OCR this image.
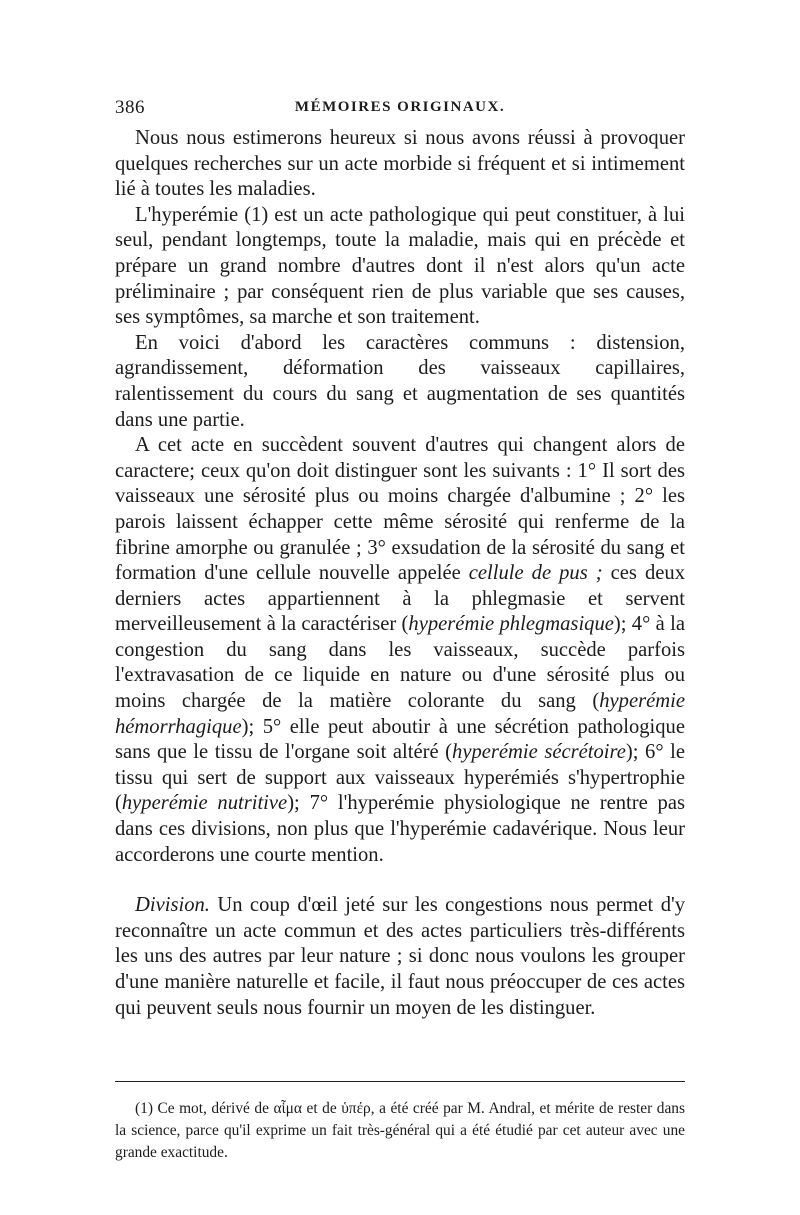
386	MÉMOIRES ORIGINAUX.

Nous nous estimerons heureux si nous avons réussi à provoquer quelques recherches sur un acte morbide si fréquent et si intimement lié à toutes les maladies.

L'hyperémie (1) est un acte pathologique qui peut constituer, à lui seul, pendant longtemps, toute la maladie, mais qui en précède et prépare un grand nombre d'autres dont il n'est alors qu'un acte préliminaire ; par conséquent rien de plus variable que ses causes, ses symptômes, sa marche et son traitement.

En voici d'abord les caractères communs : distension, agrandissement, déformation des vaisseaux capillaires, ralentissement du cours du sang et augmentation de ses quantités dans une partie.

A cet acte en succèdent souvent d'autres qui changent alors de caractere; ceux qu'on doit distinguer sont les suivants : 1° Il sort des vaisseaux une sérosité plus ou moins chargée d'albumine ; 2° les parois laissent échapper cette même sérosité qui renferme de la fibrine amorphe ou granulée ; 3° exsudation de la sérosité du sang et formation d'une cellule nouvelle appelée cellule de pus ; ces deux derniers actes appartiennent à la phlegmasie et servent merveilleusement à la caractériser (hyperémie phlegmasique); 4° à la congestion du sang dans les vaisseaux, succède parfois l'extravasation de ce liquide en nature ou d'une sérosité plus ou moins chargée de la matière colorante du sang (hyperémie hémorrhagique); 5° elle peut aboutir à une sécrétion pathologique sans que le tissu de l'organe soit altéré (hyperémie sécrétoire); 6° le tissu qui sert de support aux vaisseaux hyperémiés s'hypertrophie (hyperémie nutritive); 7° l'hyperémie physiologique ne rentre pas dans ces divisions, non plus que l'hyperémie cadavérique. Nous leur accorderons une courte mention.

Division. Un coup d'œil jeté sur les congestions nous permet d'y reconnaître un acte commun et des actes particuliers très-différents les uns des autres par leur nature ; si donc nous voulons les grouper d'une manière naturelle et facile, il faut nous préoccuper de ces actes qui peuvent seuls nous fournir un moyen de les distinguer.

(1) Ce mot, dérivé de αἷμα et de ὑπέρ, a été créé par M. Andral, et mérite de rester dans la science, parce qu'il exprime un fait très-général qui a été étudié par cet auteur avec une grande exactitude.
